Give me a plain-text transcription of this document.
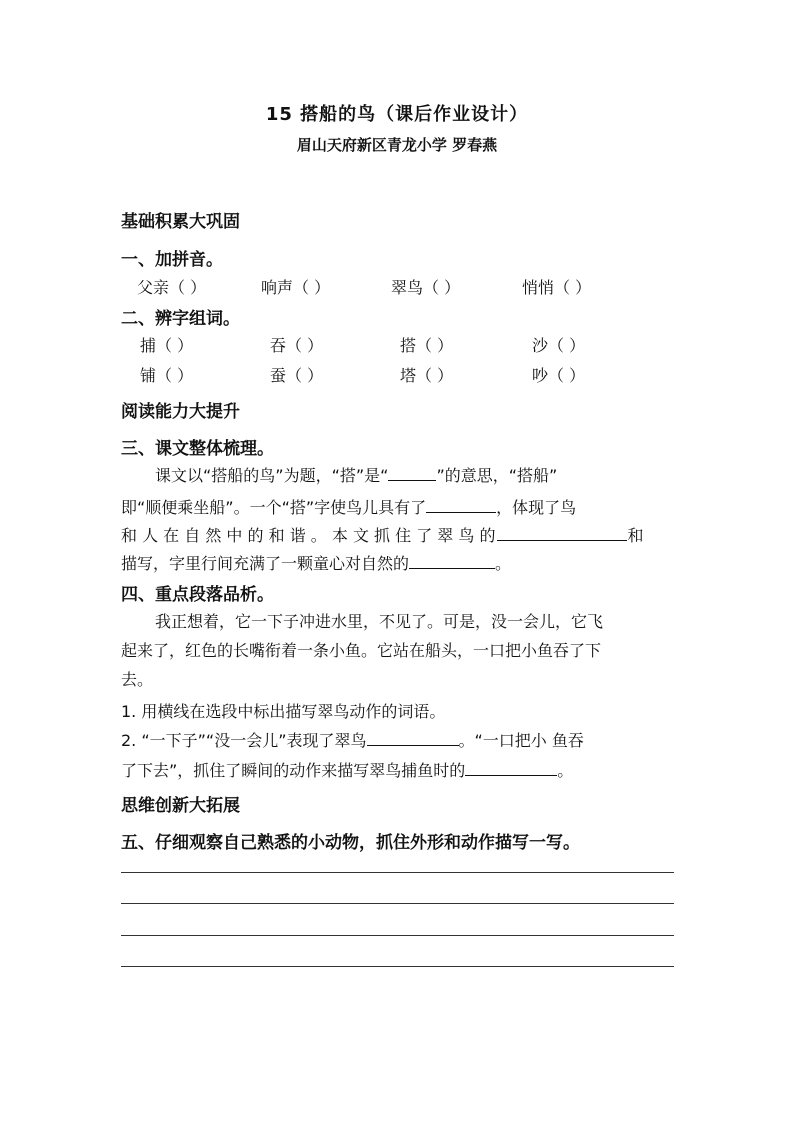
15 搭船的鸟（课后作业设计）
眉山天府新区青龙小学 罗春燕
基础积累大巩固
一、加拼音。
父亲（ ）	响声（ ）	翠鸟（ ）	悄悄（ ）
二、辨字组词。
捕（ ）	吞（ ）	搭（ ）	沙（ ）
铺（ ）	蚕（ ）	塔（ ）	吵（ ）
阅读能力大提升
三、课文整体梳理。
课文以“搭船的鸟”为题，“搭”是“	”的意思，“搭船”
即“顺便乘坐船”。一个“搭”字使鸟儿具有了	，体现了鸟
和 人 在 自 然 中 的 和 谐 。 本 文 抓 住 了 翠 鸟 的	和
描写，字里行间充满了一颗童心对自然的	。
四、重点段落品析。
我正想着，它一下子冲进水里，不见了。可是，没一会儿，它飞
起来了，红色的长嘴衔着一条小鱼。它站在船头，一口把小鱼吞了下
去。
1. 用横线在选段中标出描写翠鸟动作的词语。
2. “一下子”“没一会儿”表现了翠鸟	。“一口把小 鱼吞
了下去”，抓住了瞬间的动作来描写翠鸟捕鱼时的	。
思维创新大拓展
五、仔细观察自己熟悉的小动物，抓住外形和动作描写一写。
